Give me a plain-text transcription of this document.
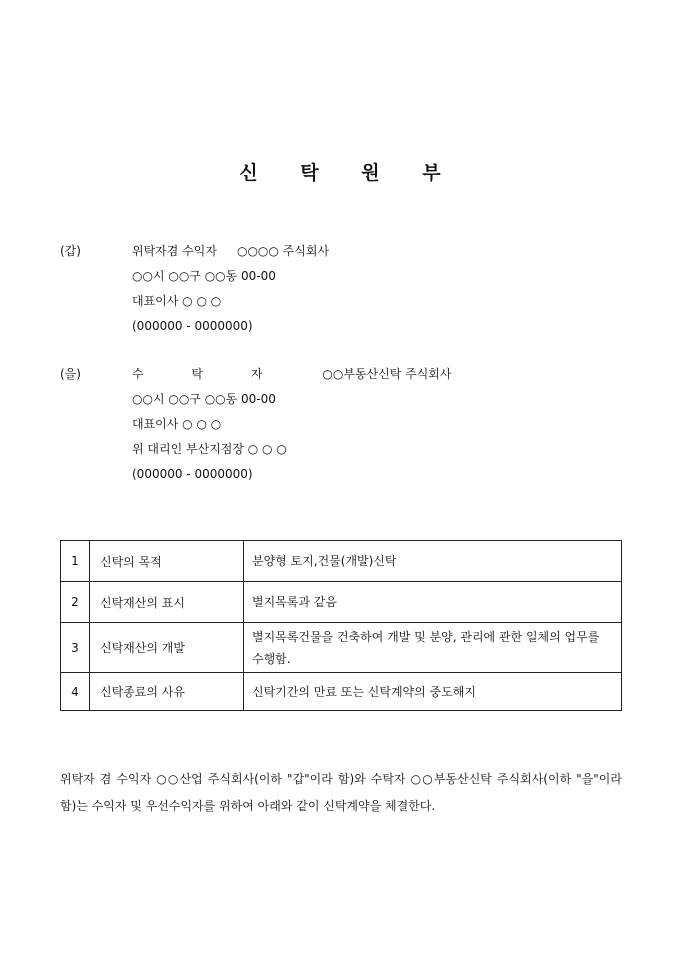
신 탁 원 부
(갑)	위탁자겸 수익자 ○○○○ 주식회사
○○시 ○○구 ○○동 00-00
대표이사 ○ ○ ○
(000000 - 0000000)
(을)	수 탁 자	○○부동산신탁 주식회사
○○시 ○○구 ○○동 00-00
대표이사 ○ ○ ○
위 대리인 부산지점장 ○ ○ ○
(000000 - 0000000)
1	신탁의 목적	분양형 토지,건물(개발)신탁
2	신탁재산의 표시	별지목록과 같음
3	신탁재산의 개발	별지목록건물을 건축하여 개발 및 분양, 관리에 관한 일체의 업무를 수행함.
4	신탁종료의 사유	신탁기간의 만료 또는 신탁계약의 중도해지

위탁자 겸 수익자 ○○산업 주식회사(이하 "갑"이라 함)와 수탁자 ○○부동산신탁 주식회사(이하 "을"이라 함)는 수익자 및 우선수익자를 위하여 아래와 같이 신탁계약을 체결한다.
